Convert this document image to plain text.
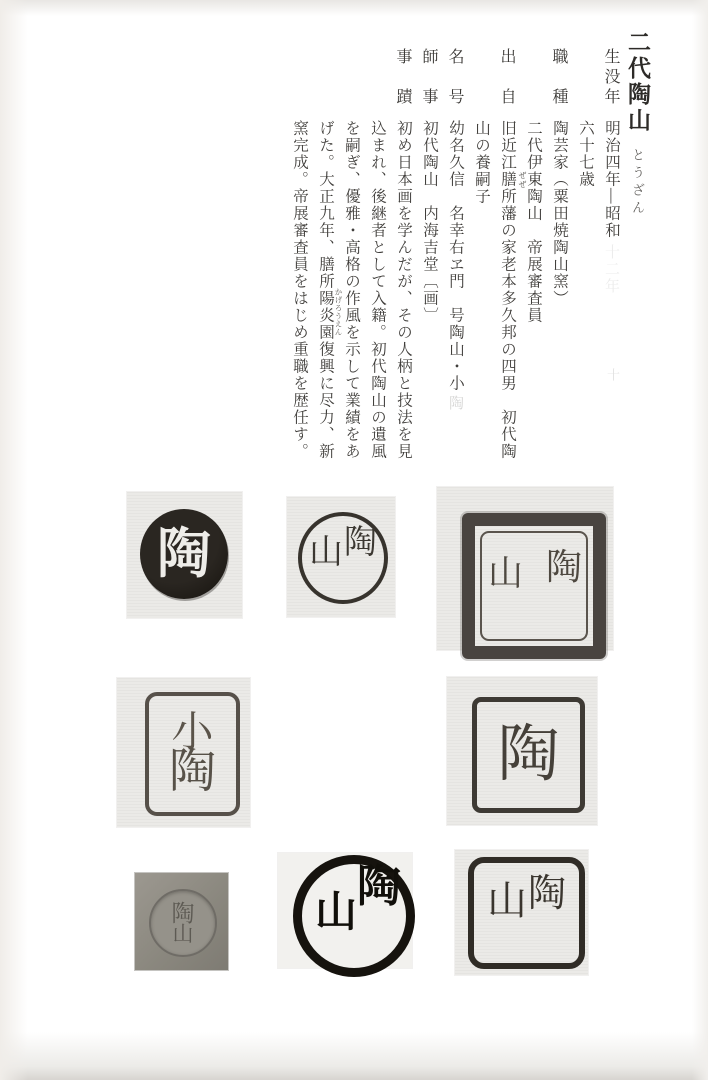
二代陶山
とうざん
生没年
明治四年―昭和
十二年
十
六十七歳
職　種
陶芸家（粟田焼陶山窯）
二代伊東陶山　帝展審査員
出　自
旧近江膳所藩の家老本多久邦の四男　初代陶
山の養嗣子
名　号
幼名久信　名幸右ヱ門　号陶山・小
陶
師　事
初代陶山　内海吉堂〔画〕
事　蹟
初め日本画を学んだが、その人柄と技法を見
込まれ、後継者として入籍。初代陶山の遺風
を嗣ぎ、優雅・高格の作風を示して業績をあ
げた。大正九年、膳所陽炎園復興に尽力、新
窯完成。帝展審査員をはじめ重職を歴任す。	ぜぜ
かげろうえん
陶	陶
山
山 陶
小
陶	陶
陶
山
陶
山	山 陶
